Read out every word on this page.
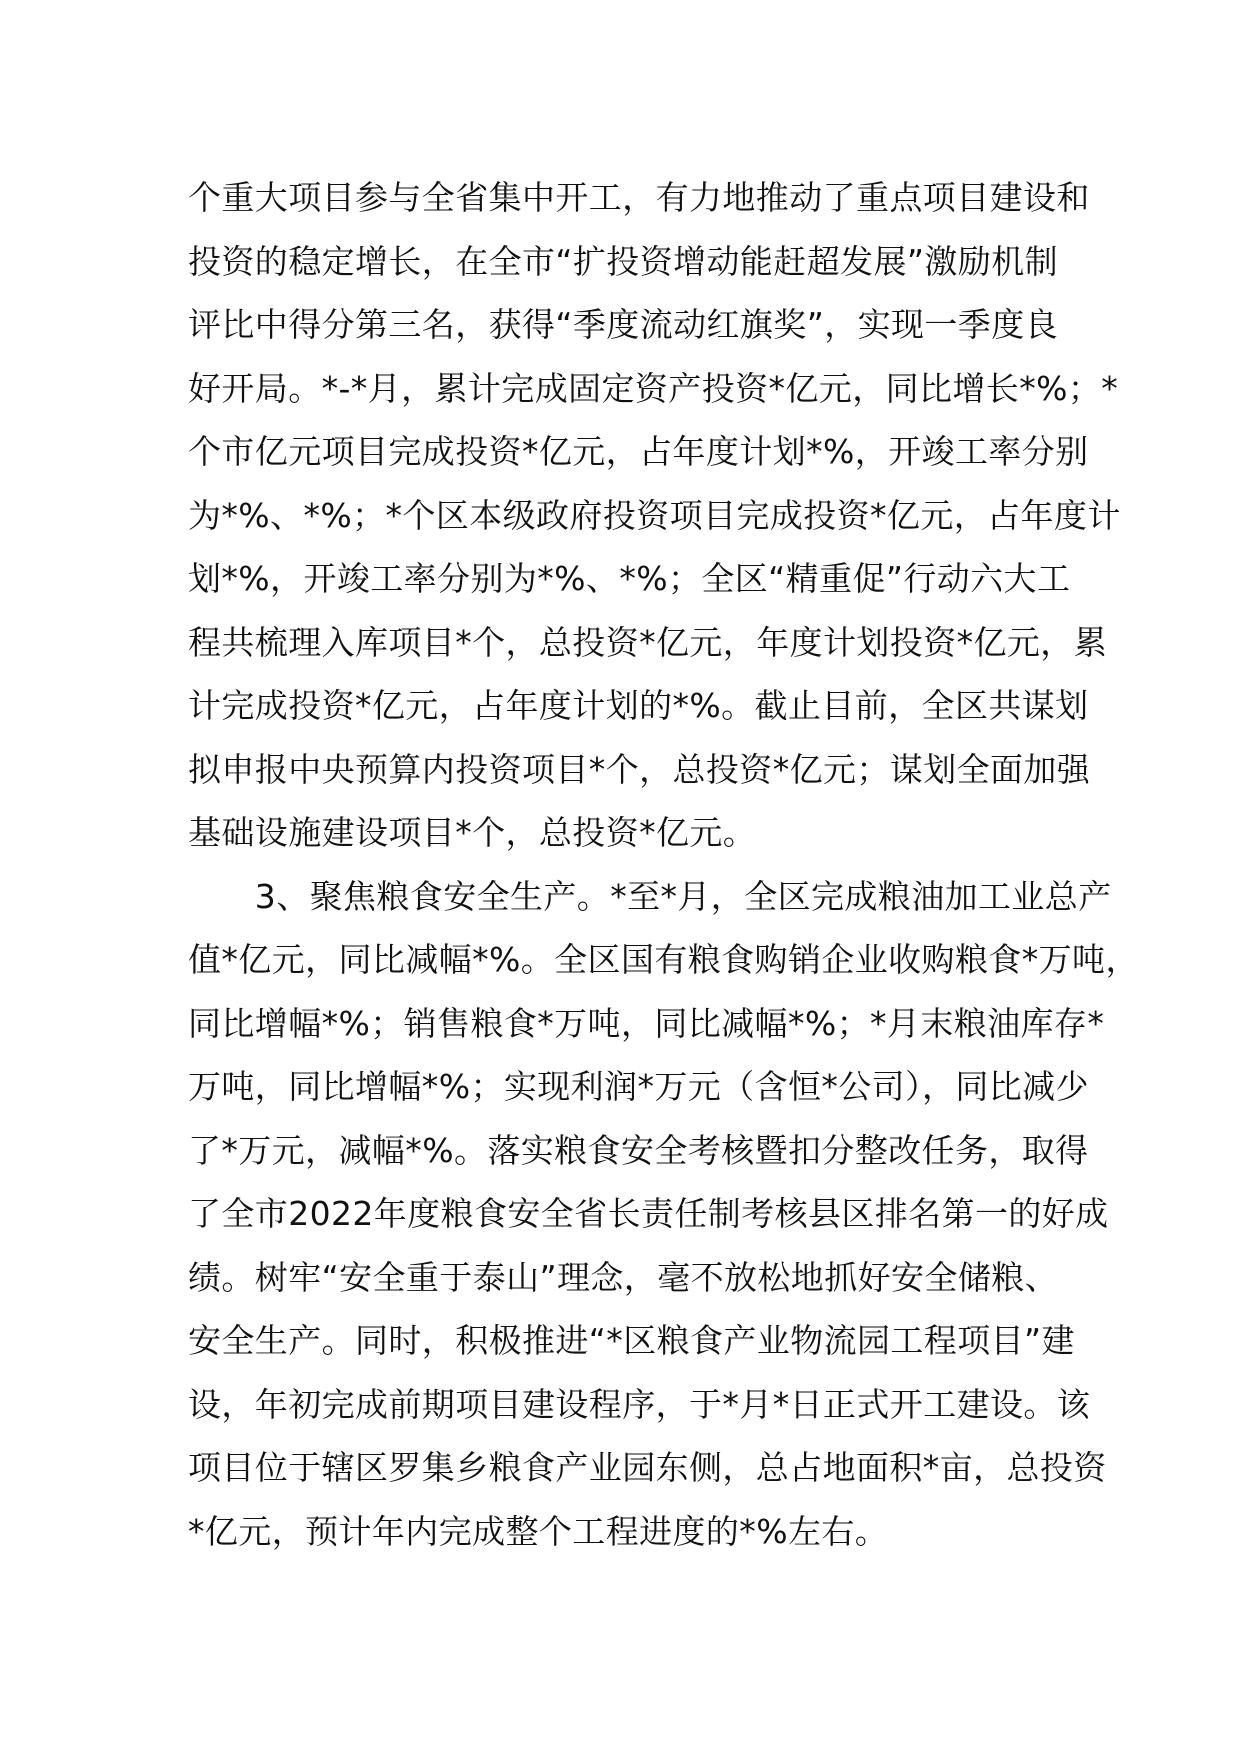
个重大项目参与全省集中开工，有力地推动了重点项目建设和
投资的稳定增长，在全市“扩投资增动能赶超发展”激励机制
评比中得分第三名，获得“季度流动红旗奖”，实现一季度良
好开局。*-*月，累计完成固定资产投资*亿元，同比增长*%；*
个市亿元项目完成投资*亿元，占年度计划*%，开竣工率分别
为*%、*%；*个区本级政府投资项目完成投资*亿元，占年度计
划*%，开竣工率分别为*%、*%；全区“精重促”行动六大工
程共梳理入库项目*个，总投资*亿元，年度计划投资*亿元，累
计完成投资*亿元，占年度计划的*%。截止目前，全区共谋划
拟申报中央预算内投资项目*个，总投资*亿元；谋划全面加强
基础设施建设项目*个，总投资*亿元。
　　3、聚焦粮食安全生产。*至*月，全区完成粮油加工业总产
值*亿元，同比减幅*%。全区国有粮食购销企业收购粮食*万吨，
同比增幅*%；销售粮食*万吨，同比减幅*%；*月末粮油库存*
万吨，同比增幅*%；实现利润*万元（含恒*公司），同比减少
了*万元，减幅*%。落实粮食安全考核暨扣分整改任务，取得
了全市2022年度粮食安全省长责任制考核县区排名第一的好成
绩。树牢“安全重于泰山”理念，毫不放松地抓好安全储粮、
安全生产。同时，积极推进“*区粮食产业物流园工程项目”建
设，年初完成前期项目建设程序，于*月*日正式开工建设。该
项目位于辖区罗集乡粮食产业园东侧，总占地面积*亩，总投资
*亿元，预计年内完成整个工程进度的*%左右。
